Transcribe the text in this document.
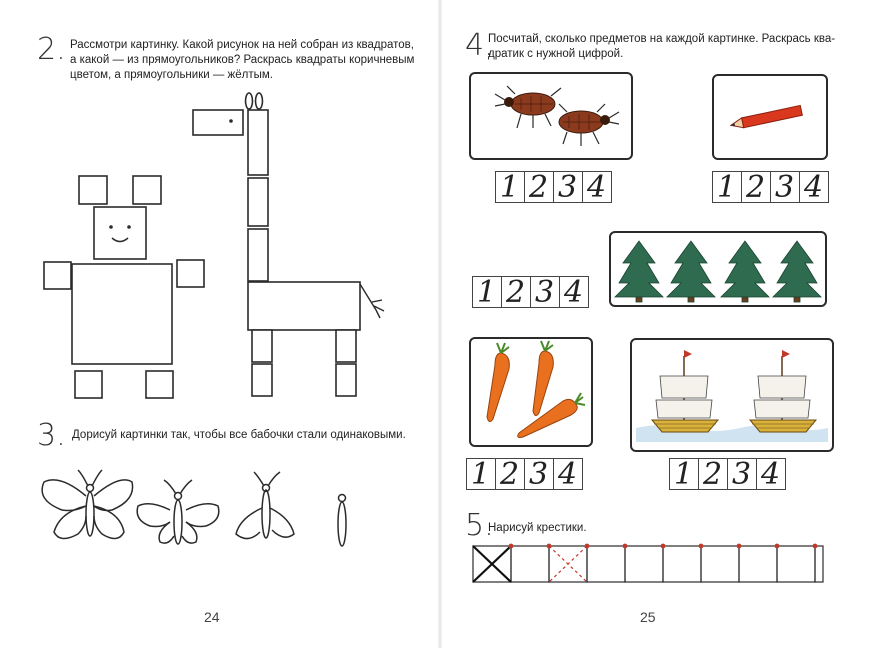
2. Рассмотри картинку. Какой рисунок на ней собран из квадратов,
а какой — из прямоугольников? Раскрась квадраты коричневым
цветом, а прямоугольники — жёлтым.
3. Дорисуй картинки так, чтобы все бабочки стали одинаковыми.
24
4.
Посчитай, сколько предметов на каждой картинке. Раскрась ква-
дратик с нужной цифрой.
1 2 3 4	1 2 3 4
1 2 3 4
1 2 3 4	1 2 3 4
5.
Нарисуй крестики.
25
